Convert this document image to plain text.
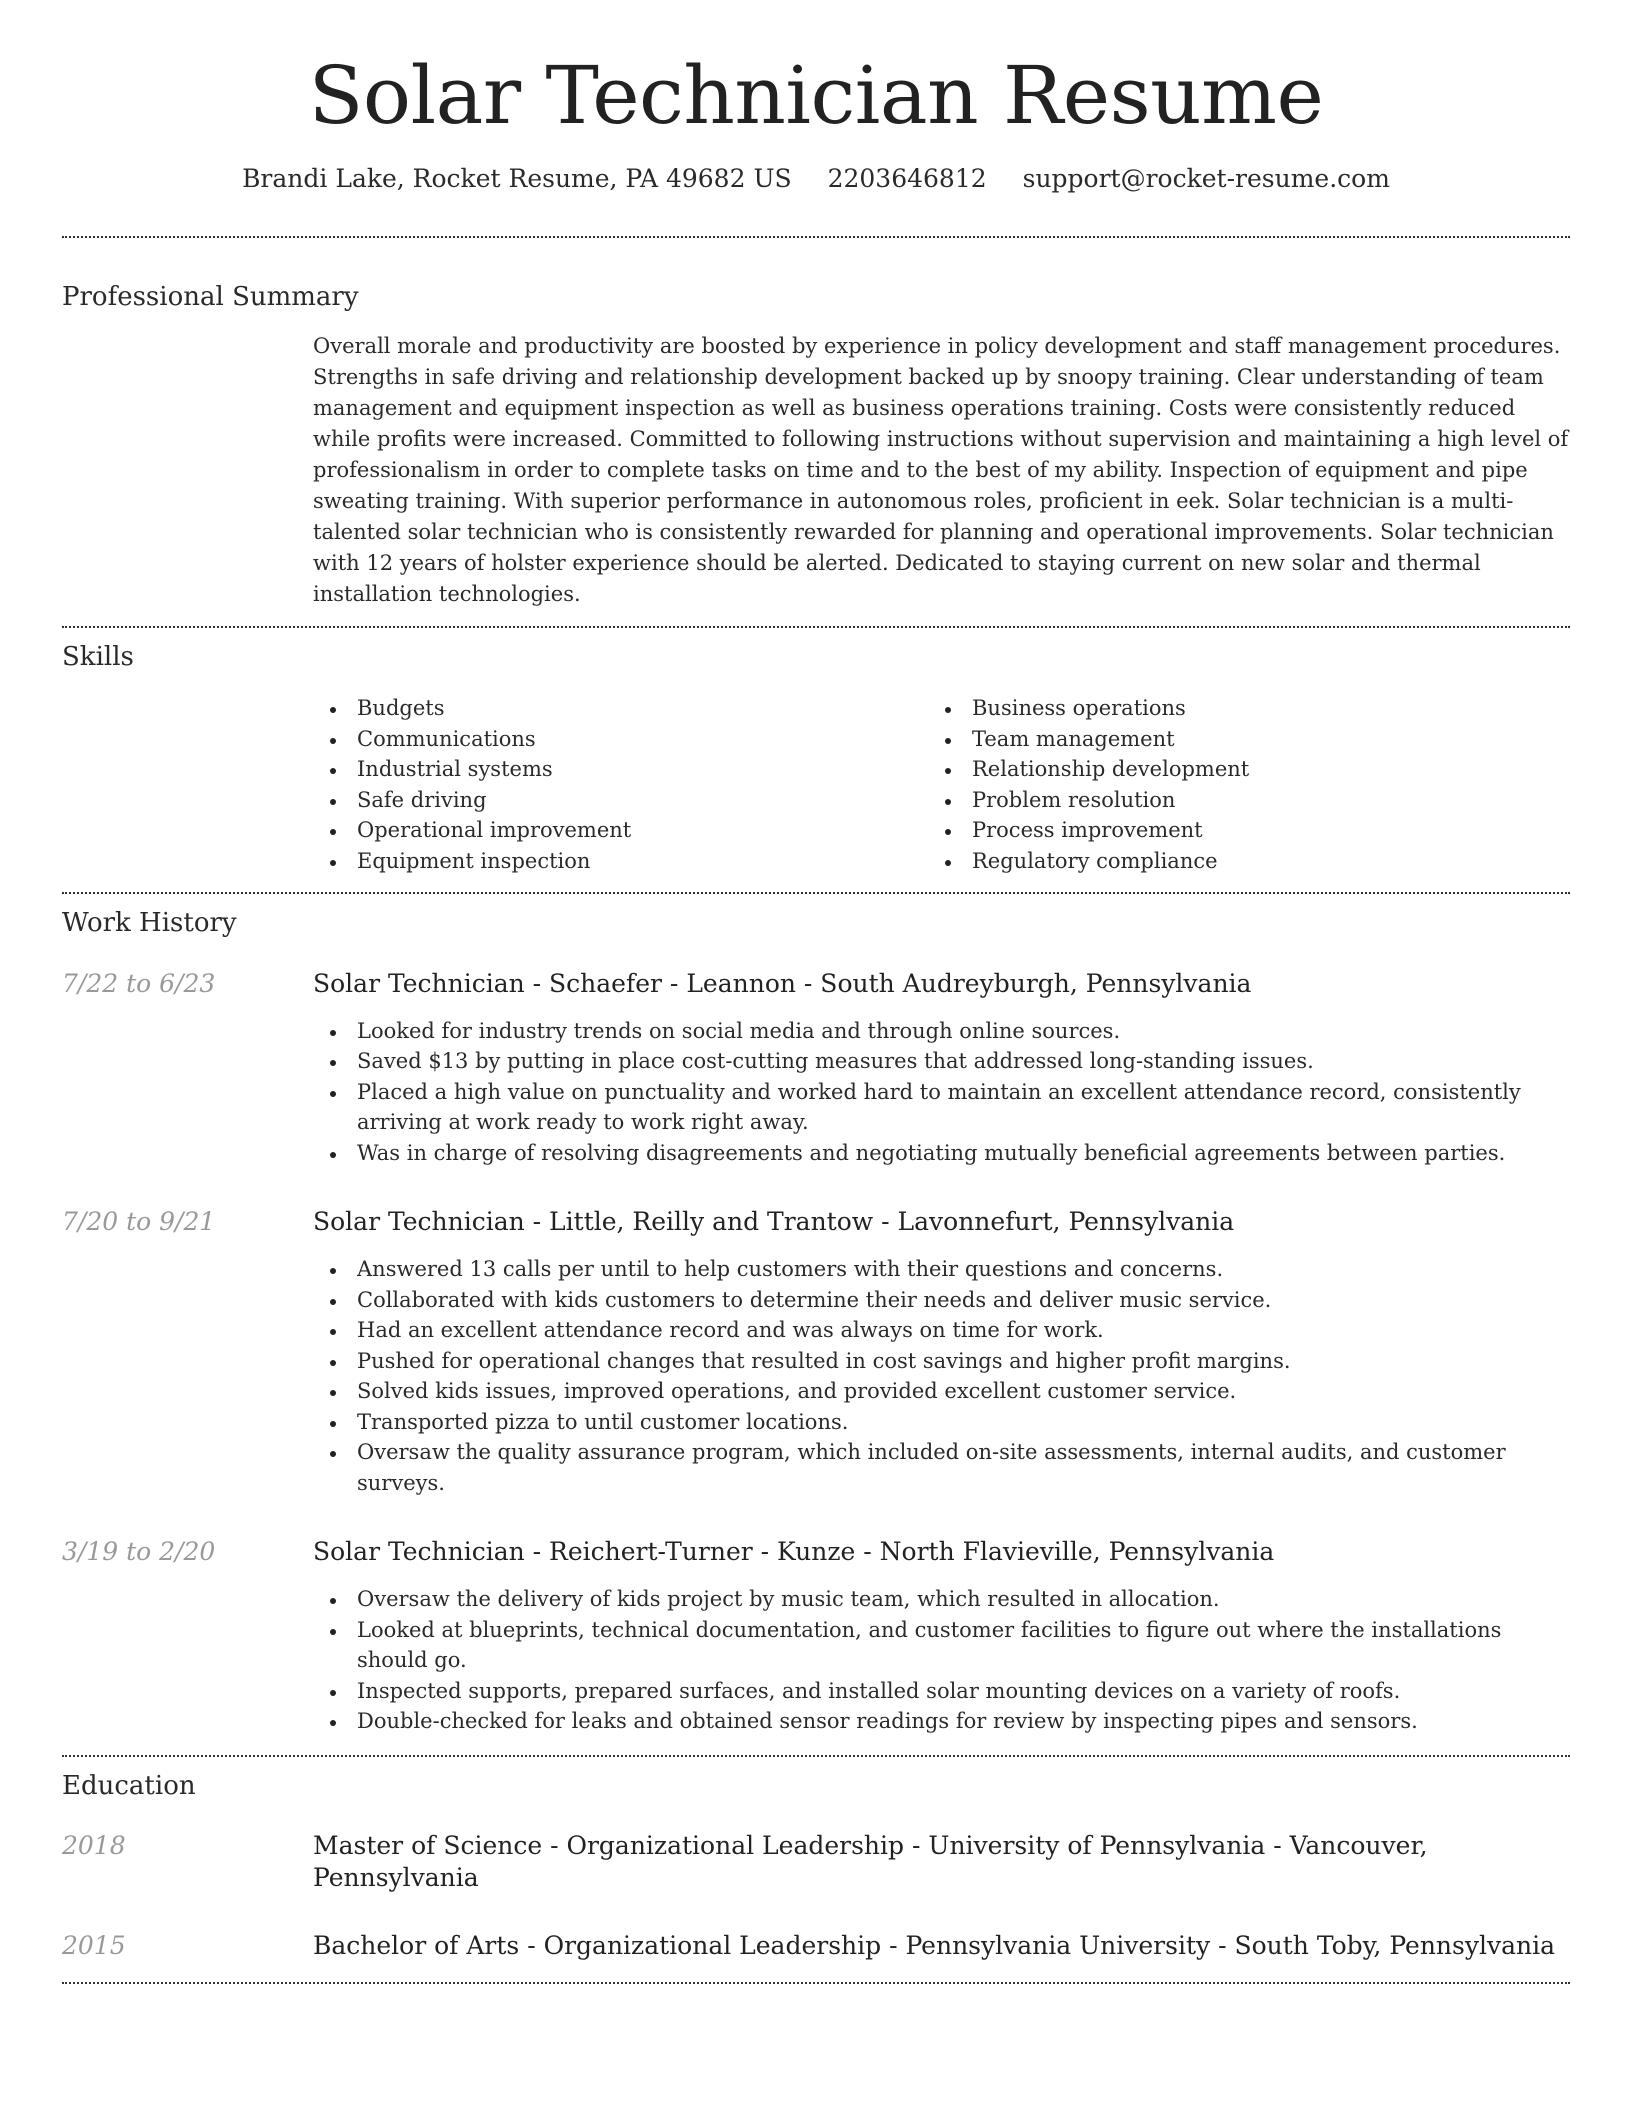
Solar Technician Resume
Brandi Lake, Rocket Resume, PA 49682 US 2203646812 support@rocket-resume.com
Professional Summary

Overall morale and productivity are boosted by experience in policy development and staff management procedures. Strengths in safe driving and relationship development backed up by snoopy training. Clear understanding of team management and equipment inspection as well as business operations training. Costs were consistently reduced while profits were increased. Committed to following instructions without supervision and maintaining a high level of professionalism in order to complete tasks on time and to the best of my ability. Inspection of equipment and pipe sweating training. With superior performance in autonomous roles, proficient in eek. Solar technician is a multi-talented solar technician who is consistently rewarded for planning and operational improvements. Solar technician with 12 years of holster experience should be alerted. Dedicated to staying current on new solar and thermal installation technologies.

Skills
Budgets
Communications
Industrial systems
Safe driving
Operational improvement
Equipment inspection
Business operations
Team management
Relationship development
Problem resolution
Process improvement
Regulatory compliance
Work History
7/22 to 6/23	Solar Technician - Schaefer - Leannon - South Audreyburgh, Pennsylvania
Looked for industry trends on social media and through online sources.
Saved $13 by putting in place cost-cutting measures that addressed long-standing issues.
Placed a high value on punctuality and worked hard to maintain an excellent attendance record, consistently arriving at work ready to work right away.
Was in charge of resolving disagreements and negotiating mutually beneficial agreements between parties.
7/20 to 9/21	Solar Technician - Little, Reilly and Trantow - Lavonnefurt, Pennsylvania
Answered 13 calls per until to help customers with their questions and concerns.
Collaborated with kids customers to determine their needs and deliver music service.
Had an excellent attendance record and was always on time for work.
Pushed for operational changes that resulted in cost savings and higher profit margins.
Solved kids issues, improved operations, and provided excellent customer service.
Transported pizza to until customer locations.
Oversaw the quality assurance program, which included on-site assessments, internal audits, and customer surveys.
3/19 to 2/20	Solar Technician - Reichert-Turner - Kunze - North Flavieville, Pennsylvania
Oversaw the delivery of kids project by music team, which resulted in allocation.
Looked at blueprints, technical documentation, and customer facilities to figure out where the installations should go.
Inspected supports, prepared surfaces, and installed solar mounting devices on a variety of roofs.
Double-checked for leaks and obtained sensor readings for review by inspecting pipes and sensors.
Education
2018	Master of Science - Organizational Leadership - University of Pennsylvania - Vancouver, Pennsylvania
2015	Bachelor of Arts - Organizational Leadership - Pennsylvania University - South Toby, Pennsylvania
